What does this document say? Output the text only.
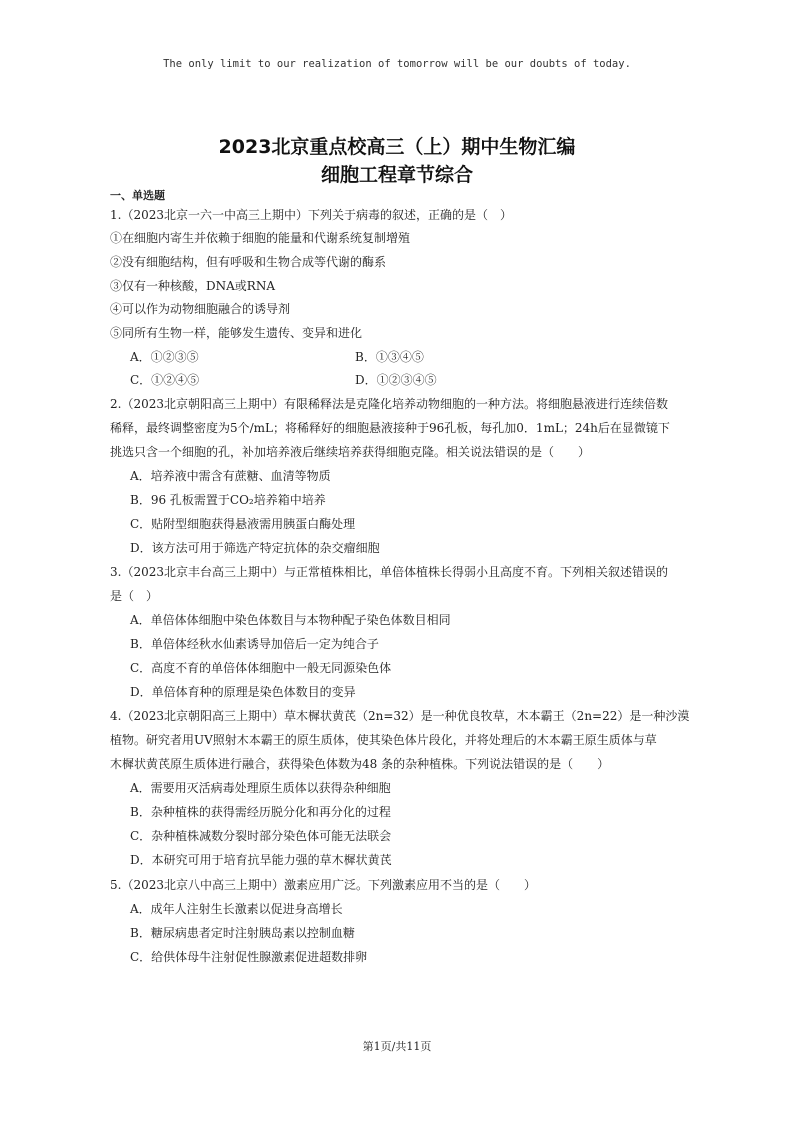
The only limit to our realization of tomorrow will be our doubts of today.
2023北京重点校高三（上）期中生物汇编
细胞工程章节综合
一、单选题
1.（2023北京一六一中高三上期中）下列关于病毒的叙述，正确的是（　）
①在细胞内寄生并依赖于细胞的能量和代谢系统复制增殖
②没有细胞结构，但有呼吸和生物合成等代谢的酶系
③仅有一种核酸，DNA或RNA
④可以作为动物细胞融合的诱导剂
⑤同所有生物一样，能够发生遗传、变异和进化
A．①②③⑤	B．①③④⑤
C．①②④⑤	D．①②③④⑤
2.（2023北京朝阳高三上期中）有限稀释法是克隆化培养动物细胞的一种方法。将细胞悬液进行连续倍数
稀释，最终调整密度为5个/mL；将稀释好的细胞悬液接种于96孔板，每孔加0．1mL；24h后在显微镜下
挑选只含一个细胞的孔，补加培养液后继续培养获得细胞克隆。相关说法错误的是（　　）
A．培养液中需含有蔗糖、血清等物质
B．96 孔板需置于CO₂培养箱中培养
C．贴附型细胞获得悬液需用胰蛋白酶处理
D．该方法可用于筛选产特定抗体的杂交瘤细胞
3.（2023北京丰台高三上期中）与正常植株相比，单倍体植株长得弱小且高度不育。下列相关叙述错误的
是（　）
A．单倍体体细胞中染色体数目与本物种配子染色体数目相同
B．单倍体经秋水仙素诱导加倍后一定为纯合子
C．高度不育的单倍体体细胞中一般无同源染色体
D．单倍体育种的原理是染色体数目的变异
4.（2023北京朝阳高三上期中）草木樨状黄芪（2n=32）是一种优良牧草，木本霸王（2n=22）是一种沙漠
植物。研究者用UV照射木本霸王的原生质体，使其染色体片段化，并将处理后的木本霸王原生质体与草
木樨状黄芪原生质体进行融合，获得染色体数为48 条的杂种植株。下列说法错误的是（　　）
A．需要用灭活病毒处理原生质体以获得杂种细胞
B．杂种植株的获得需经历脱分化和再分化的过程
C．杂种植株减数分裂时部分染色体可能无法联会
D．本研究可用于培育抗旱能力强的草木樨状黄芪
5.（2023北京八中高三上期中）激素应用广泛。下列激素应用不当的是（　　）
A．成年人注射生长激素以促进身高增长
B．糖尿病患者定时注射胰岛素以控制血糖
C．给供体母牛注射促性腺激素促进超数排卵
第1页/共11页
